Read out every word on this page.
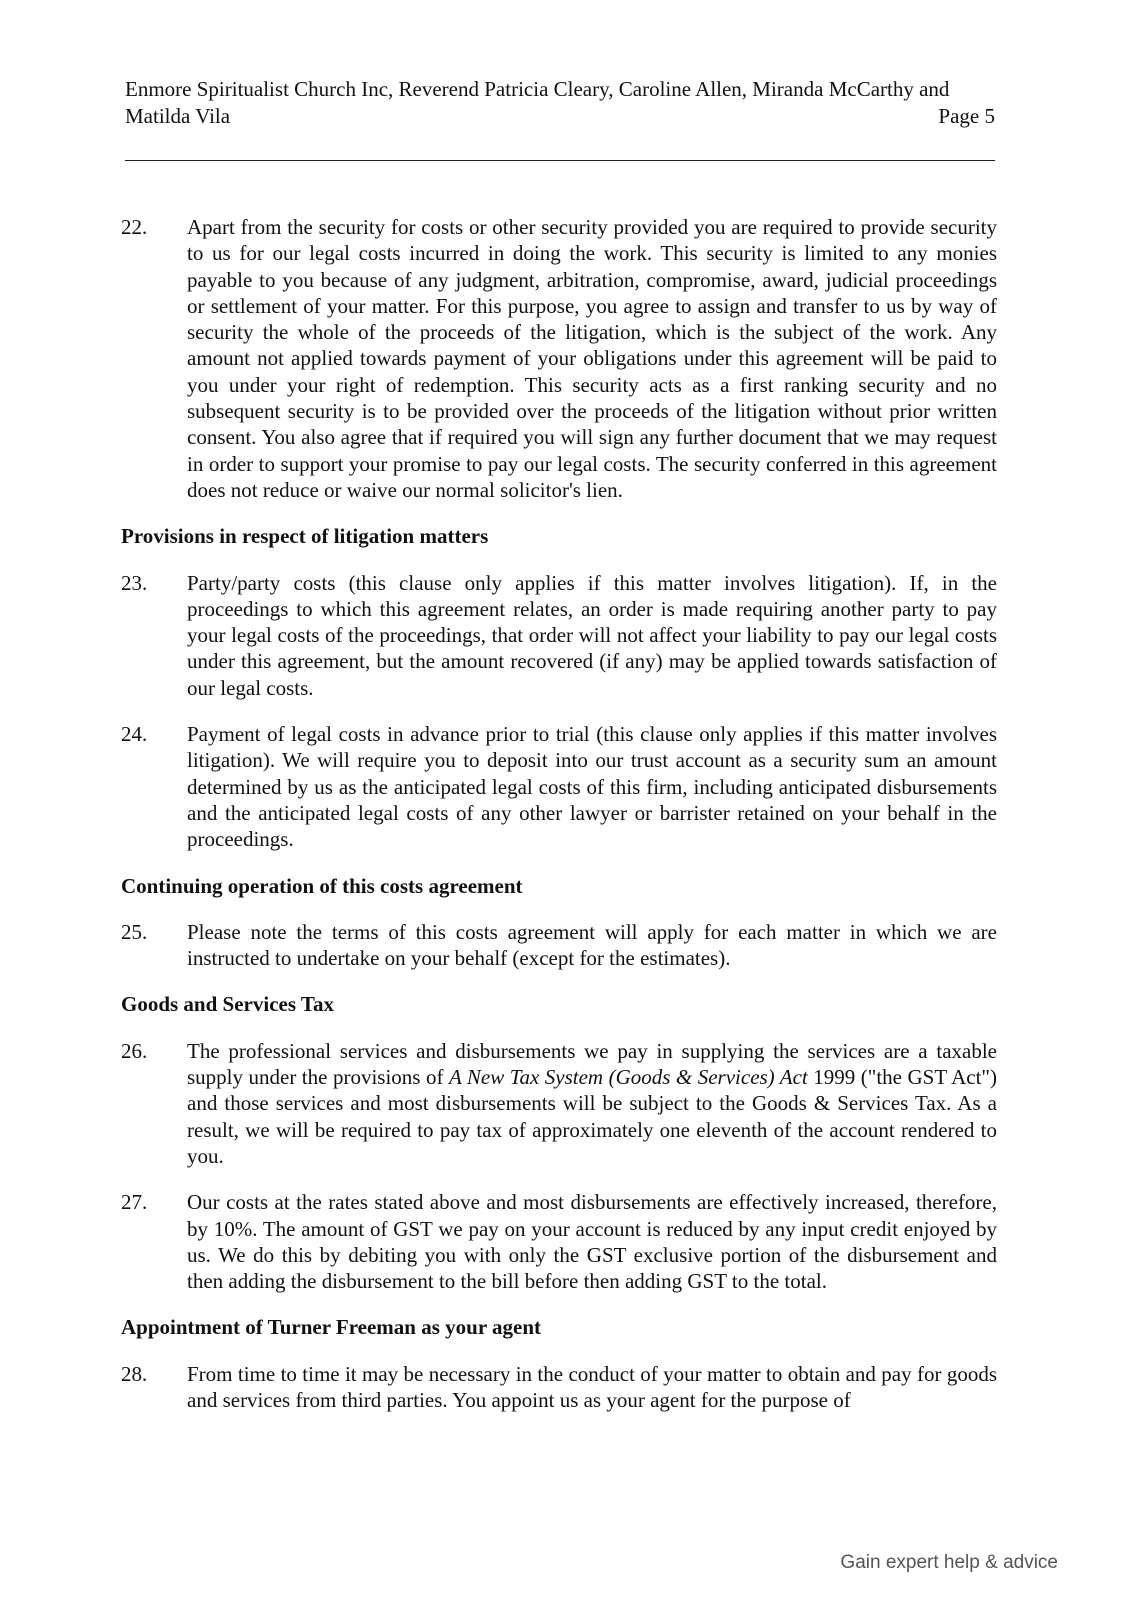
Enmore Spiritualist Church Inc, Reverend Patricia Cleary, Caroline Allen, Miranda McCarthy and
Matilda Vila	Page 5
22.	Apart from the security for costs or other security provided you are required to provide security to us for our legal costs incurred in doing the work. This security is limited to any monies payable to you because of any judgment, arbitration, compromise, award, judicial proceedings or settlement of your matter. For this purpose, you agree to assign and transfer to us by way of security the whole of the proceeds of the litigation, which is the subject of the work. Any amount not applied towards payment of your obligations under this agreement will be paid to you under your right of redemption. This security acts as a first ranking security and no subsequent security is to be provided over the proceeds of the litigation without prior written consent. You also agree that if required you will sign any further document that we may request in order to support your promise to pay our legal costs. The security conferred in this agreement does not reduce or waive our normal solicitor's lien.
Provisions in respect of litigation matters
23.	Party/party costs (this clause only applies if this matter involves litigation). If, in the proceedings to which this agreement relates, an order is made requiring another party to pay your legal costs of the proceedings, that order will not affect your liability to pay our legal costs under this agreement, but the amount recovered (if any) may be applied towards satisfaction of our legal costs.
24.	Payment of legal costs in advance prior to trial (this clause only applies if this matter involves litigation). We will require you to deposit into our trust account as a security sum an amount determined by us as the anticipated legal costs of this firm, including anticipated disbursements and the anticipated legal costs of any other lawyer or barrister retained on your behalf in the proceedings.
Continuing operation of this costs agreement
25.	Please note the terms of this costs agreement will apply for each matter in which we are instructed to undertake on your behalf (except for the estimates).
Goods and Services Tax
26.	The professional services and disbursements we pay in supplying the services are a taxable supply under the provisions of A New Tax System (Goods & Services) Act 1999 ("the GST Act") and those services and most disbursements will be subject to the Goods & Services Tax. As a result, we will be required to pay tax of approximately one eleventh of the account rendered to you.
27.	Our costs at the rates stated above and most disbursements are effectively increased, therefore, by 10%. The amount of GST we pay on your account is reduced by any input credit enjoyed by us. We do this by debiting you with only the GST exclusive portion of the disbursement and then adding the disbursement to the bill before then adding GST to the total.
Appointment of Turner Freeman as your agent
28.	From time to time it may be necessary in the conduct of your matter to obtain and pay for goods and services from third parties. You appoint us as your agent for the purpose of
Gain expert help & advice
